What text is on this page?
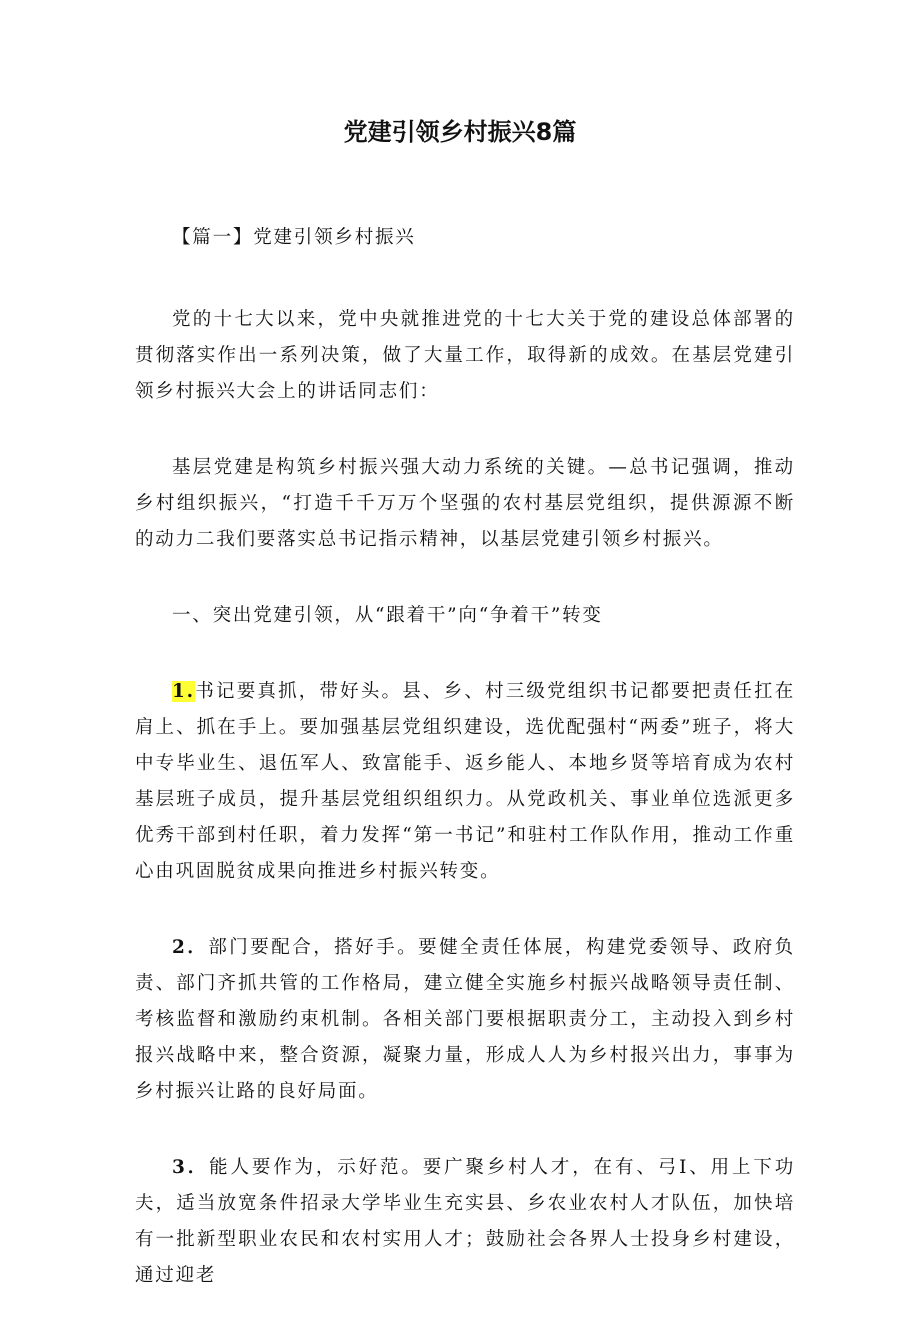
党建引领乡村振兴8篇

【篇一】党建引领乡村振兴

党的十七大以来，党中央就推进党的十七大关于党的建设总体部署的贯彻落实作出一系列决策，做了大量工作，取得新的成效。在基层党建引领乡村振兴大会上的讲话同志们：

基层党建是构筑乡村振兴强大动力系统的关键。—总书记强调，推动乡村组织振兴，“打造千千万万个坚强的农村基层党组织，提供源源不断的动力二我们要落实总书记指示精神，以基层党建引领乡村振兴。

一、突出党建引领，从“跟着干”向“争着干”转变

1.书记要真抓，带好头。县、乡、村三级党组织书记都要把责任扛在肩上、抓在手上。要加强基层党组织建设，选优配强村“两委”班子，将大中专毕业生、退伍军人、致富能手、返乡能人、本地乡贤等培育成为农村基层班子成员，提升基层党组织组织力。从党政机关、事业单位选派更多优秀干部到村任职，着力发挥“第一书记”和驻村工作队作用，推动工作重心由巩固脱贫成果向推进乡村振兴转变。

2．部门要配合，搭好手。要健全责任体展，构建党委领导、政府负责、部门齐抓共管的工作格局，建立健全实施乡村振兴战略领导责任制、考核监督和激励约束机制。各相关部门要根据职责分工，主动投入到乡村报兴战略中来，整合资源，凝聚力量，形成人人为乡村报兴出力，事事为乡村振兴让路的良好局面。

3．能人要作为，示好范。要广聚乡村人才，在有、弓I、用上下功夫，适当放宽条件招录大学毕业生充实县、乡农业农村人才队伍，加快培有一批新型职业农民和农村实用人才；鼓励社会各界人士投身乡村建设，通过迎老
